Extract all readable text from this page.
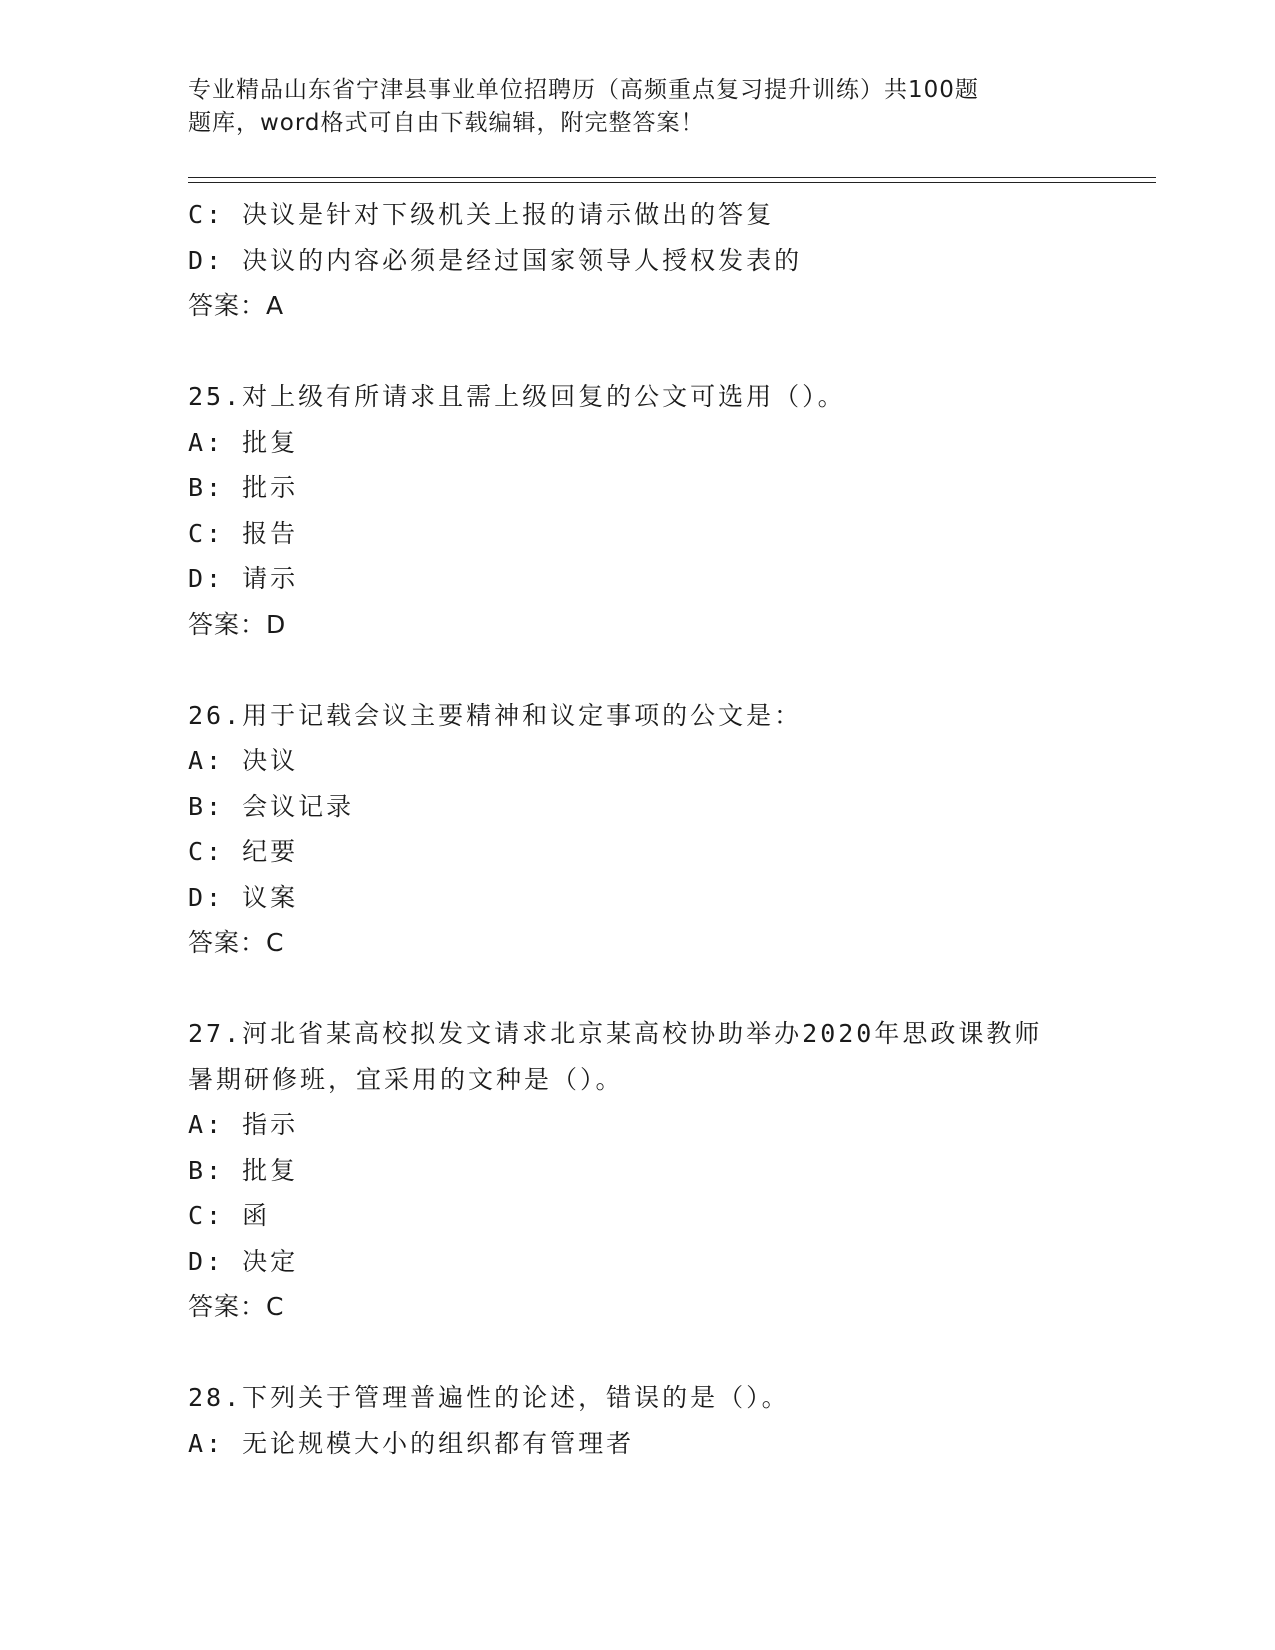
专业精品山东省宁津县事业单位招聘历（高频重点复习提升训练）共100题
题库，word格式可自由下载编辑，附完整答案！
C: 决议是针对下级机关上报的请示做出的答复
D: 决议的内容必须是经过国家领导人授权发表的
答案：A
25.对上级有所请求且需上级回复的公文可选用（）。
A: 批复
B: 批示
C: 报告
D: 请示
答案：D
26.用于记载会议主要精神和议定事项的公文是：
A: 决议
B: 会议记录
C: 纪要
D: 议案
答案：C
27.河北省某高校拟发文请求北京某高校协助举办2020年思政课教师
暑期研修班，宜采用的文种是（）。
A: 指示
B: 批复
C: 函
D: 决定
答案：C
28.下列关于管理普遍性的论述，错误的是（）。
A: 无论规模大小的组织都有管理者
